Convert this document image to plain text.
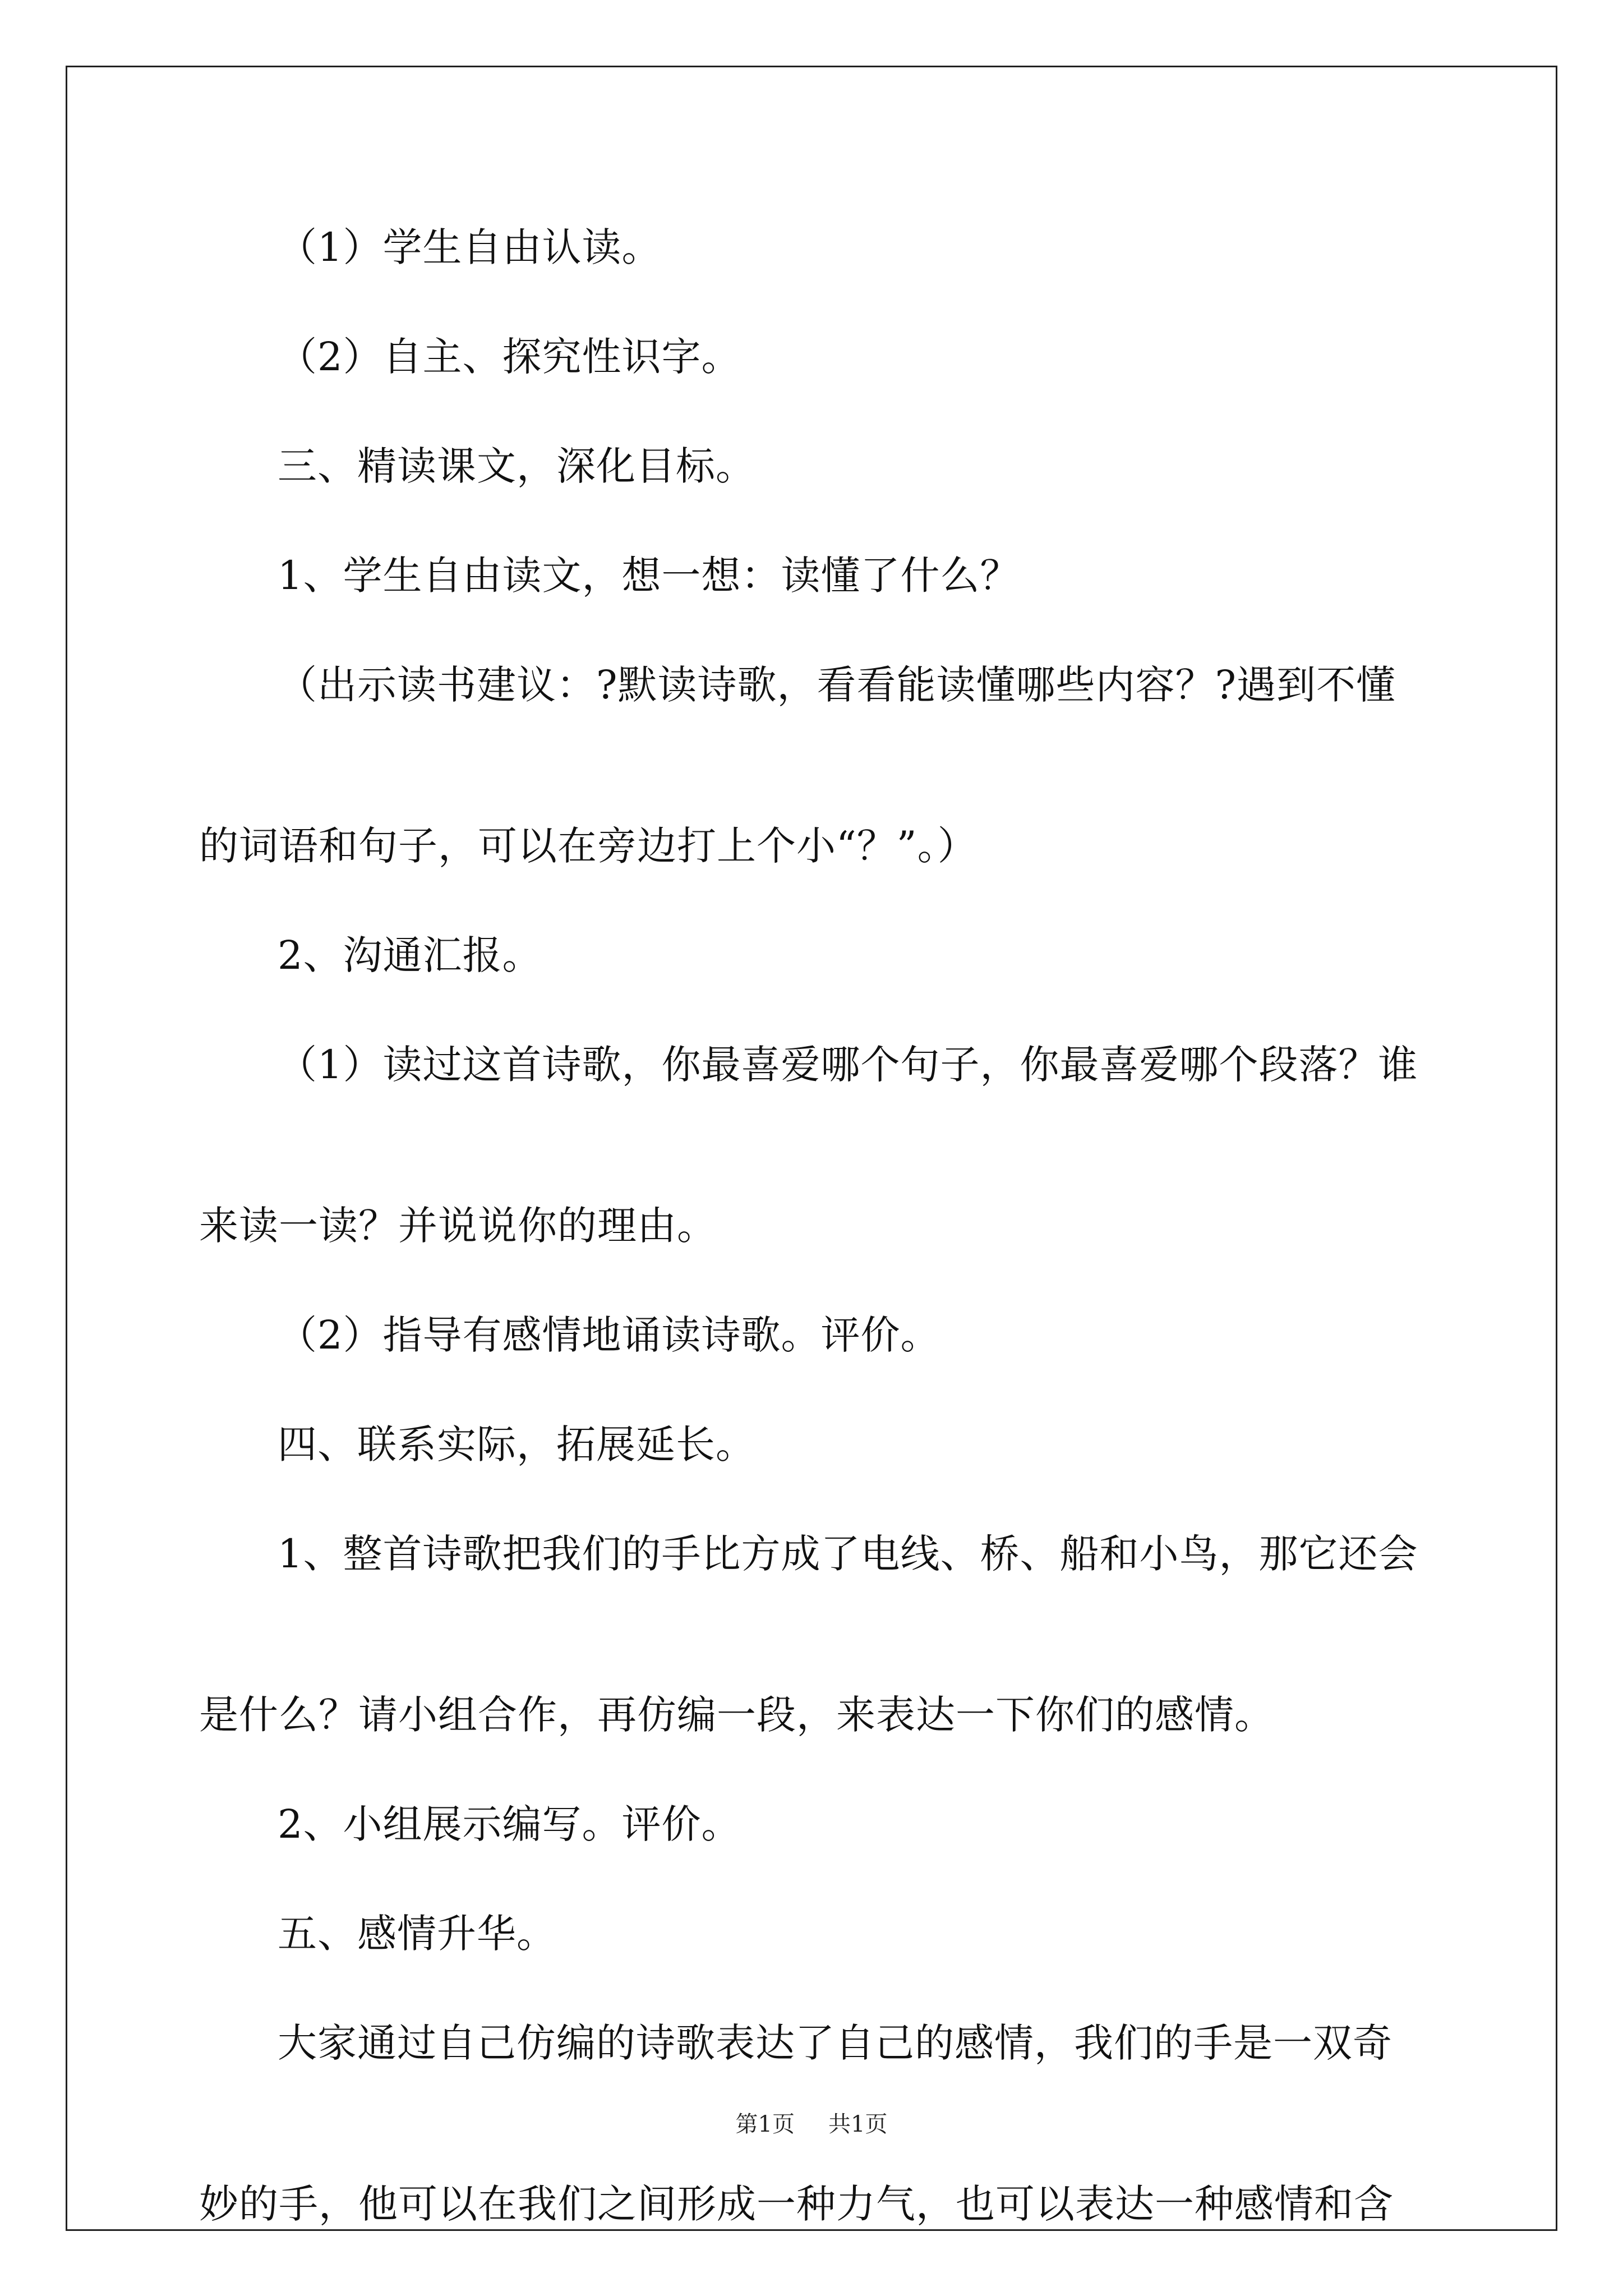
（1）学生自由认读。

（2）自主、探究性识字。

三、精读课文，深化目标。

1、学生自由读文，想一想：读懂了什么？

（出示读书建议：?默读诗歌，看看能读懂哪些内容？?遇到不懂

的词语和句子，可以在旁边打上个小“？”。）

2、沟通汇报。

（1）读过这首诗歌，你最喜爱哪个句子，你最喜爱哪个段落？谁

来读一读？并说说你的理由。

（2）指导有感情地诵读诗歌。评价。

四、联系实际，拓展延长。

1、整首诗歌把我们的手比方成了电线、桥、船和小鸟，那它还会

是什么？请小组合作，再仿编一段，来表达一下你们的感情。

2、小组展示编写。评价。

五、感情升华。

大家通过自己仿编的诗歌表达了自己的感情，我们的手是一双奇

妙的手，他可以在我们之间形成一种力气，也可以表达一种感情和含

第1页 共1页
